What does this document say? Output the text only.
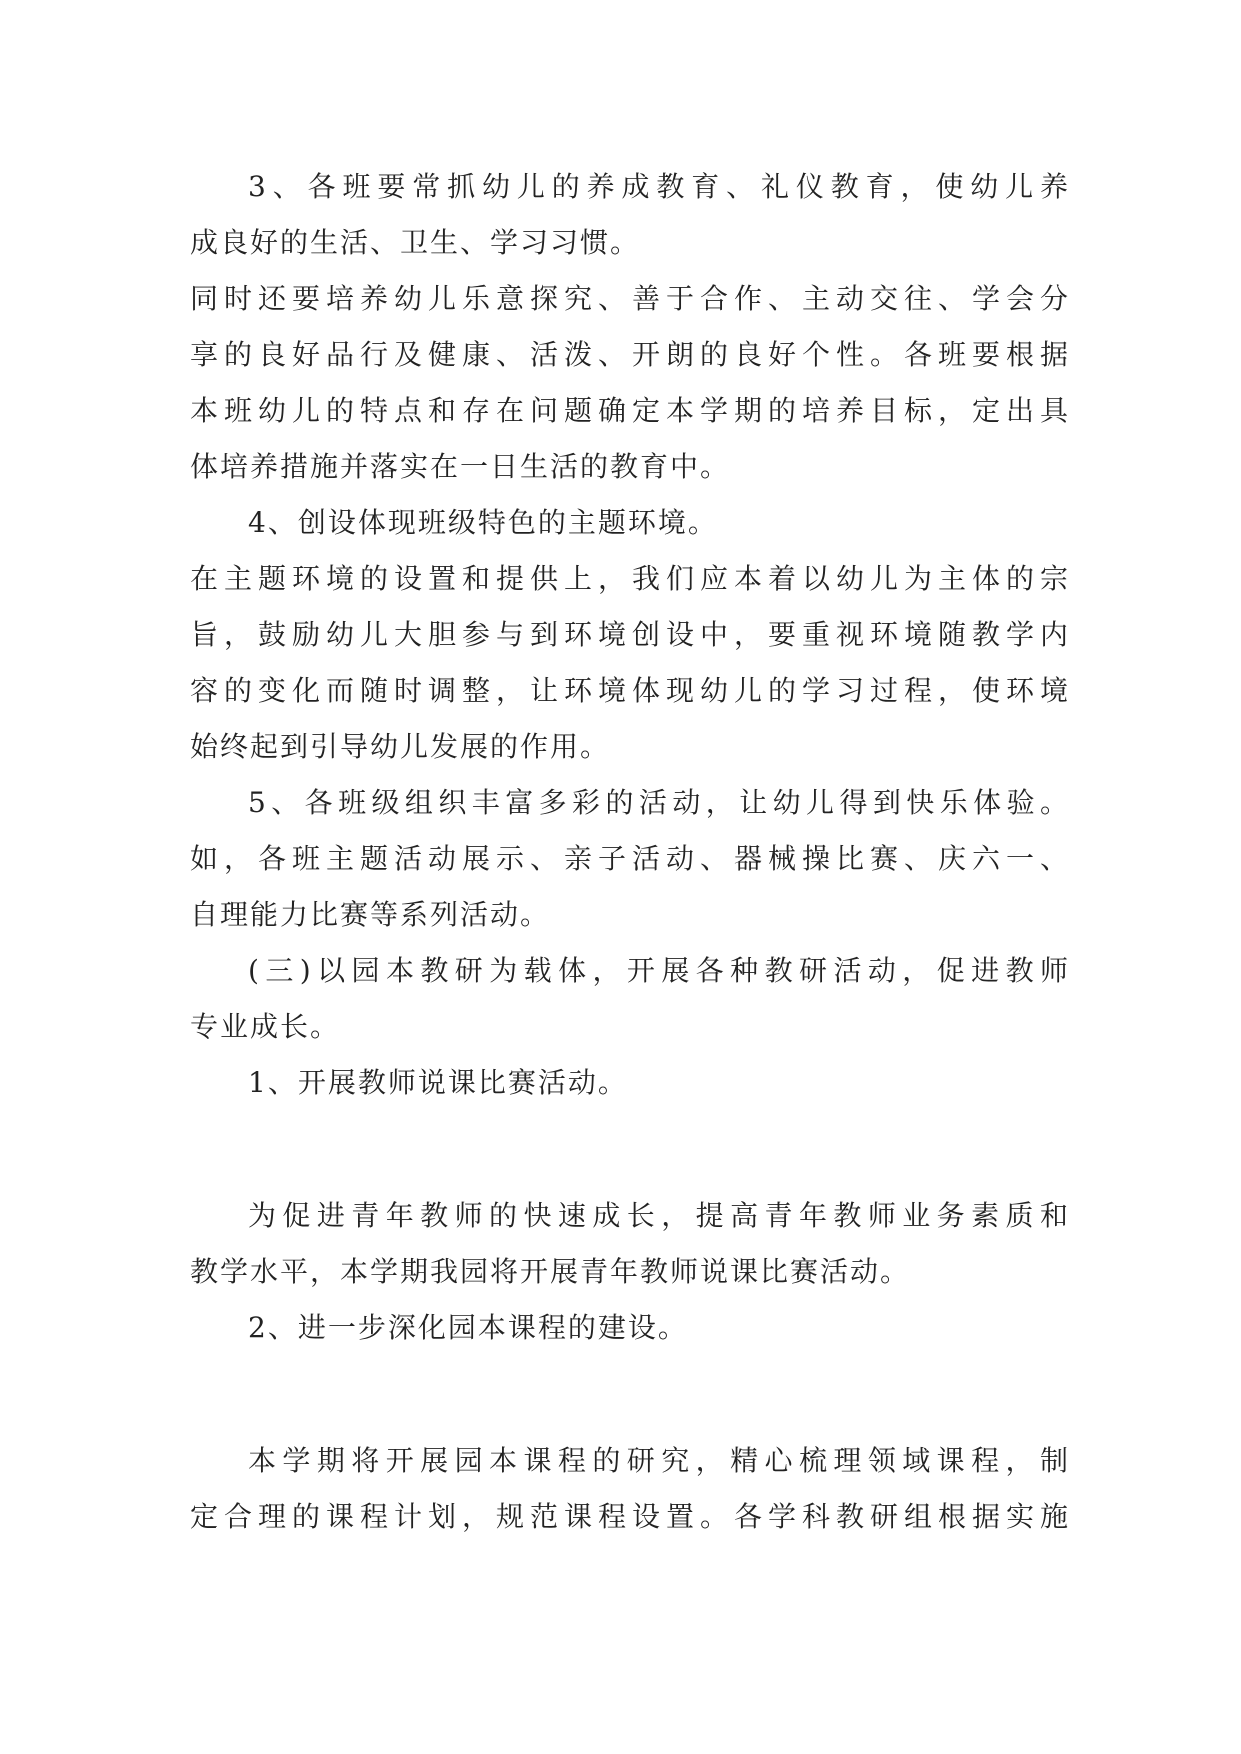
3、各班要常抓幼儿的养成教育、礼仪教育，使幼儿养
成良好的生活、卫生、学习习惯。
同时还要培养幼儿乐意探究、善于合作、主动交往、学会分
享的良好品行及健康、活泼、开朗的良好个性。各班要根据
本班幼儿的特点和存在问题确定本学期的培养目标，定出具
体培养措施并落实在一日生活的教育中。
4、创设体现班级特色的主题环境。
在主题环境的设置和提供上，我们应本着以幼儿为主体的宗
旨，鼓励幼儿大胆参与到环境创设中，要重视环境随教学内
容的变化而随时调整，让环境体现幼儿的学习过程，使环境
始终起到引导幼儿发展的作用。
5、各班级组织丰富多彩的活动，让幼儿得到快乐体验。
如，各班主题活动展示、亲子活动、器械操比赛、庆六一、
自理能力比赛等系列活动。
(三)以园本教研为载体，开展各种教研活动，促进教师
专业成长。
1、开展教师说课比赛活动。
为促进青年教师的快速成长，提高青年教师业务素质和
教学水平，本学期我园将开展青年教师说课比赛活动。
2、进一步深化园本课程的建设。
本学期将开展园本课程的研究，精心梳理领域课程，制
定合理的课程计划，规范课程设置。各学科教研组根据实施
